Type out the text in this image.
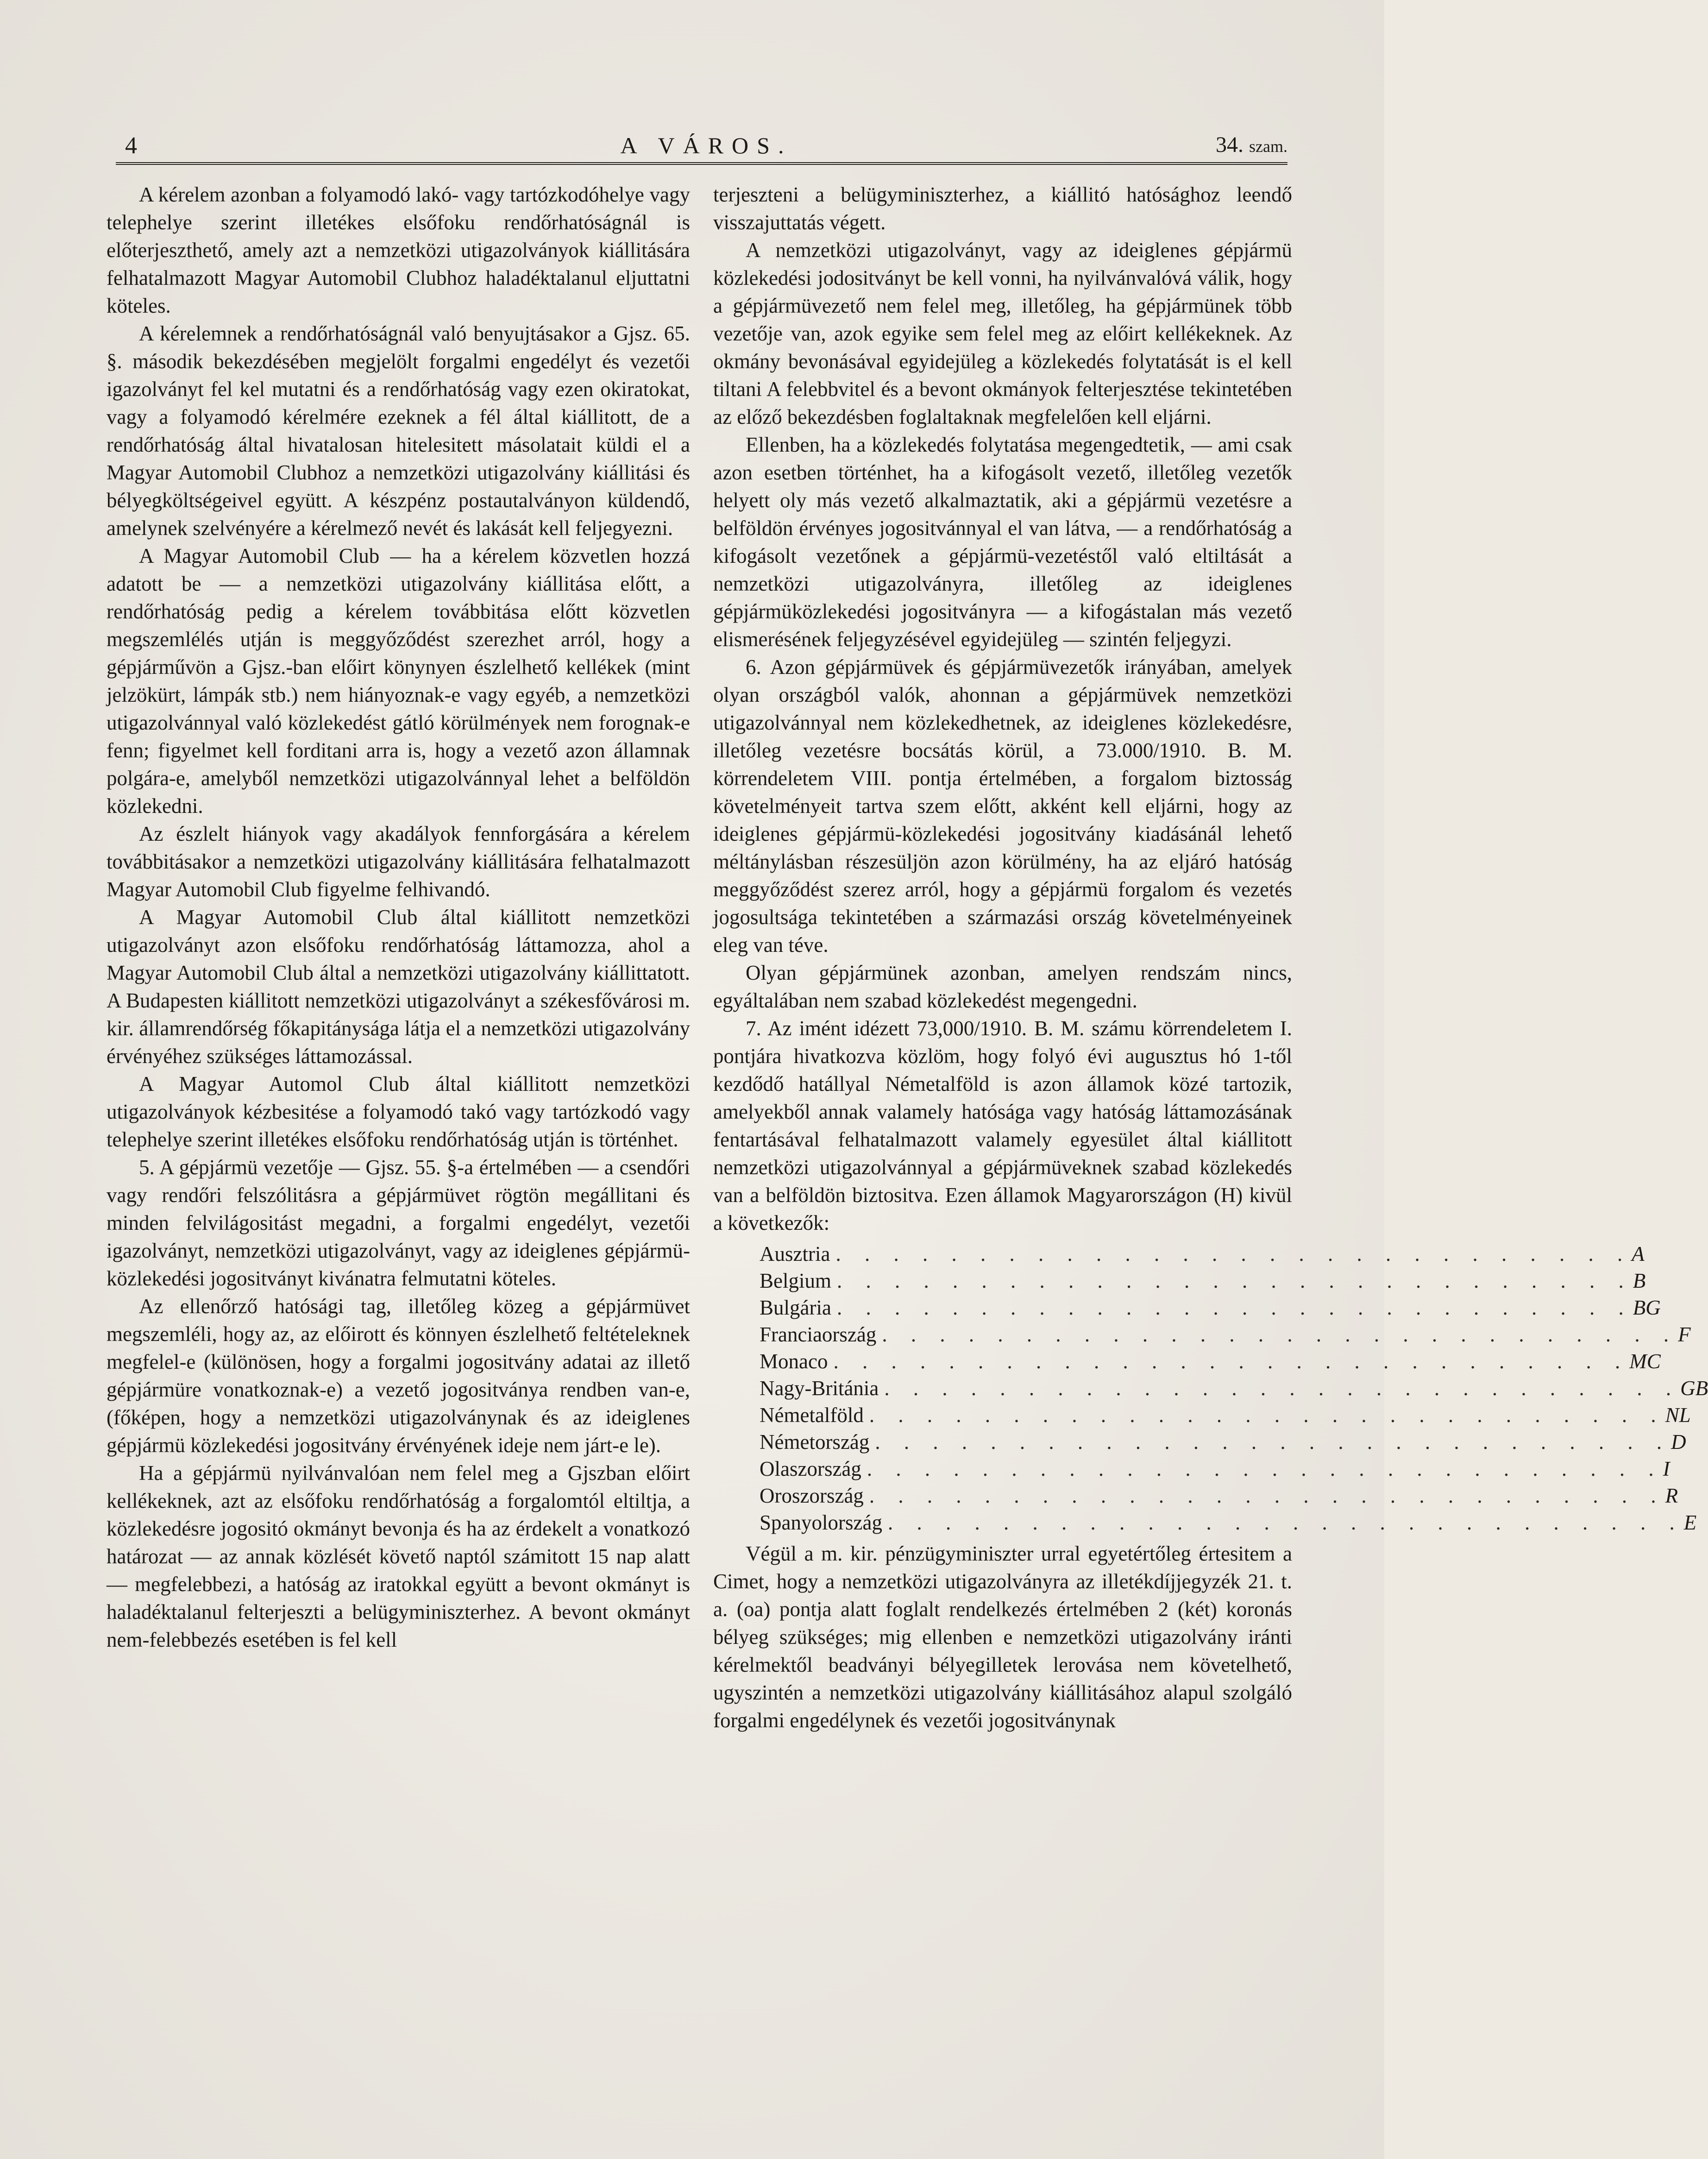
4	A VÁROS.	34. szam.

A kérelem azonban a folyamodó lakó- vagy tartózkodóhelye vagy telephelye szerint illetékes elsőfoku rendőrhatóságnál is előterjeszthető, amely azt a nemzetközi utigazolványok kiállitására felhatalmazott Magyar Automobil Clubhoz haladéktalanul eljuttatni köteles.

A kérelemnek a rendőrhatóságnál való benyujtásakor a Gjsz. 65. §. második bekezdésében megjelölt forgalmi engedélyt és vezetői igazolványt fel kel mutatni és a rendőrhatóság vagy ezen okiratokat, vagy a folyamodó kérelmére ezeknek a fél által kiállitott, de a rendőrhatóság által hivatalosan hitelesitett másolatait küldi el a Magyar Automobil Clubhoz a nemzetközi utigazolvány kiállitási és bélyegköltségeivel együtt. A készpénz postautalványon küldendő, amelynek szelvényére a kérelmező nevét és lakását kell feljegyezni.

A Magyar Automobil Club — ha a kérelem közvetlen hozzá adatott be — a nemzetközi utigazolvány kiállitása előtt, a rendőrhatóság pedig a kérelem továbbitása előtt közvetlen megszemlélés utján is meggyőződést szerezhet arról, hogy a gépjárművön a Gjsz.-ban előirt könynyen észlelhető kellékek (mint jelzökürt, lámpák stb.) nem hiányoznak-e vagy egyéb, a nemzetközi utigazolvánnyal való közlekedést gátló körülmények nem forognak-e fenn; figyelmet kell forditani arra is, hogy a vezető azon államnak polgára-e, amelyből nemzetközi utigazolvánnyal lehet a belföldön közlekedni.

Az észlelt hiányok vagy akadályok fennforgására a kérelem továbbitásakor a nemzetközi utigazolvány kiállitására felhatalmazott Magyar Automobil Club figyelme felhivandó.

A Magyar Automobil Club által kiállitott nemzetközi utigazolványt azon elsőfoku rendőrhatóság láttamozza, ahol a Magyar Automobil Club által a nemzetközi utigazolvány kiállittatott. A Budapesten kiállitott nemzetközi utigazolványt a székesfővárosi m. kir. államrendőrség főkapitánysága látja el a nemzetközi utigazolvány érvényéhez szükséges láttamozással.

A Magyar Automol Club által kiállitott nemzetközi utigazolványok kézbesitése a folyamodó takó vagy tartózkodó vagy telephelye szerint illetékes elsőfoku rendőrhatóság utján is történhet.

5. A gépjármü vezetője — Gjsz. 55. §-a értelmében — a csendőri vagy rendőri felszólitásra a gépjármüvet rögtön megállitani és minden felvilágositást megadni, a forgalmi engedélyt, vezetői igazolványt, nemzetközi utigazolványt, vagy az ideiglenes gépjármü-közlekedési jogositványt kivánatra felmutatni köteles.

Az ellenőrző hatósági tag, illetőleg közeg a gépjármüvet megszemléli, hogy az, az előirott és könnyen észlelhető feltételeknek megfelel-e (különösen, hogy a forgalmi jogositvány adatai az illető gépjármüre vonatkoznak-e) a vezető jogositványa rendben van-e, (főképen, hogy a nemzetközi utigazolványnak és az ideiglenes gépjármü közlekedési jogositvány érvényének ideje nem járt-e le).

Ha a gépjármü nyilvánvalóan nem felel meg a Gjszban előirt kellékeknek, azt az elsőfoku rendőrhatóság a forgalomtól eltiltja, a közlekedésre jogositó okmányt bevonja és ha az érdekelt a vonatkozó határozat — az annak közlését követő naptól számitott 15 nap alatt — megfelebbezi, a hatóság az iratokkal együtt a bevont okmányt is haladéktalanul felterjeszti a belügyminiszterhez. A bevont okmányt nem-felebbezés esetében is fel kell

terjeszteni a belügyminiszterhez, a kiállitó hatósághoz leendő visszajuttatás végett.

A nemzetközi utigazolványt, vagy az ideiglenes gépjármü közlekedési jodositványt be kell vonni, ha nyilvánvalóvá válik, hogy a gépjármüvezető nem felel meg, illetőleg, ha gépjármünek több vezetője van, azok egyike sem felel meg az előirt kellékeknek. Az okmány bevonásával egyidejüleg a közlekedés folytatását is el kell tiltani A felebbvitel és a bevont okmányok felterjesztése tekintetében az előző bekezdésben foglaltaknak megfelelően kell eljárni.

Ellenben, ha a közlekedés folytatása megengedtetik, — ami csak azon esetben történhet, ha a kifogásolt vezető, illetőleg vezetők helyett oly más vezető alkalmaztatik, aki a gépjármü vezetésre a belföldön érvényes jogositvánnyal el van látva, — a rendőrhatóság a kifogásolt vezetőnek a gépjármü-vezetéstől való eltiltását a nemzetközi utigazolványra, illetőleg az ideiglenes gépjármüközlekedési jogositványra — a kifogástalan más vezető elismerésének feljegyzésével egyidejüleg — szintén feljegyzi.

6. Azon gépjármüvek és gépjármüvezetők irányában, amelyek olyan országból valók, ahonnan a gépjármüvek nemzetközi utigazolvánnyal nem közlekedhetnek, az ideiglenes közlekedésre, illetőleg vezetésre bocsátás körül, a 73.000/1910. B. M. körrendeletem VIII. pontja értelmében, a forgalom biztosság követelményeit tartva szem előtt, akként kell eljárni, hogy az ideiglenes gépjármü-közlekedési jogositvány kiadásánál lehető méltánylásban részesüljön azon körülmény, ha az eljáró hatóság meggyőződést szerez arról, hogy a gépjármü forgalom és vezetés jogosultsága tekintetében a származási ország követelményeinek eleg van téve.

Olyan gépjármünek azonban, amelyen rendszám nincs, egyáltalában nem szabad közlekedést megengedni.

7. Az imént idézett 73,000/1910. B. M. számu körrendeletem I. pontjára hivatkozva közlöm, hogy folyó évi augusztus hó 1-től kezdődő hatállyal Németalföld is azon államok közé tartozik, amelyekből annak valamely hatósága vagy hatóság láttamozásának fentartásával felhatalmazott valamely egyesület által kiállitott nemzetközi utigazolvánnyal a gépjármüveknek szabad közlekedés van a belföldön biztositva. Ezen államok Magyarországon (H) kivül a következők:

Ausztria . . . . . . . . . . . . . . . . . . . . . . . . . . . . A
Belgium . . . . . . . . . . . . . . . . . . . . . . . . . . . . B
Bulgária . . . . . . . . . . . . . . . . . . . . . . . . . . . . BG
Franciaország . . . . . . . . . . . . . . . . . . . . . . . . . . . . F
Monaco . . . . . . . . . . . . . . . . . . . . . . . . . . . . MC
Nagy-Británia . . . . . . . . . . . . . . . . . . . . . . . . . . . . GB
Németalföld . . . . . . . . . . . . . . . . . . . . . . . . . . . . NL
Németország . . . . . . . . . . . . . . . . . . . . . . . . . . . . D
Olaszország . . . . . . . . . . . . . . . . . . . . . . . . . . . . I
Oroszország . . . . . . . . . . . . . . . . . . . . . . . . . . . . R
Spanyolország . . . . . . . . . . . . . . . . . . . . . . . . . . . . E

Végül a m. kir. pénzügyminiszter urral egyetértőleg értesitem a Cimet, hogy a nemzetközi utigazolványra az illetékdíjjegyzék 21. t. a. (oa) pontja alatt foglalt rendelkezés értelmében 2 (két) koronás bélyeg szükséges; mig ellenben e nemzetközi utigazolvány iránti kérelmektől beadványi bélyegilletek lerovása nem követelhető, ugyszintén a nemzetközi utigazolvány kiállitásához alapul szolgáló forgalmi engedélynek és vezetői jogositványnak
